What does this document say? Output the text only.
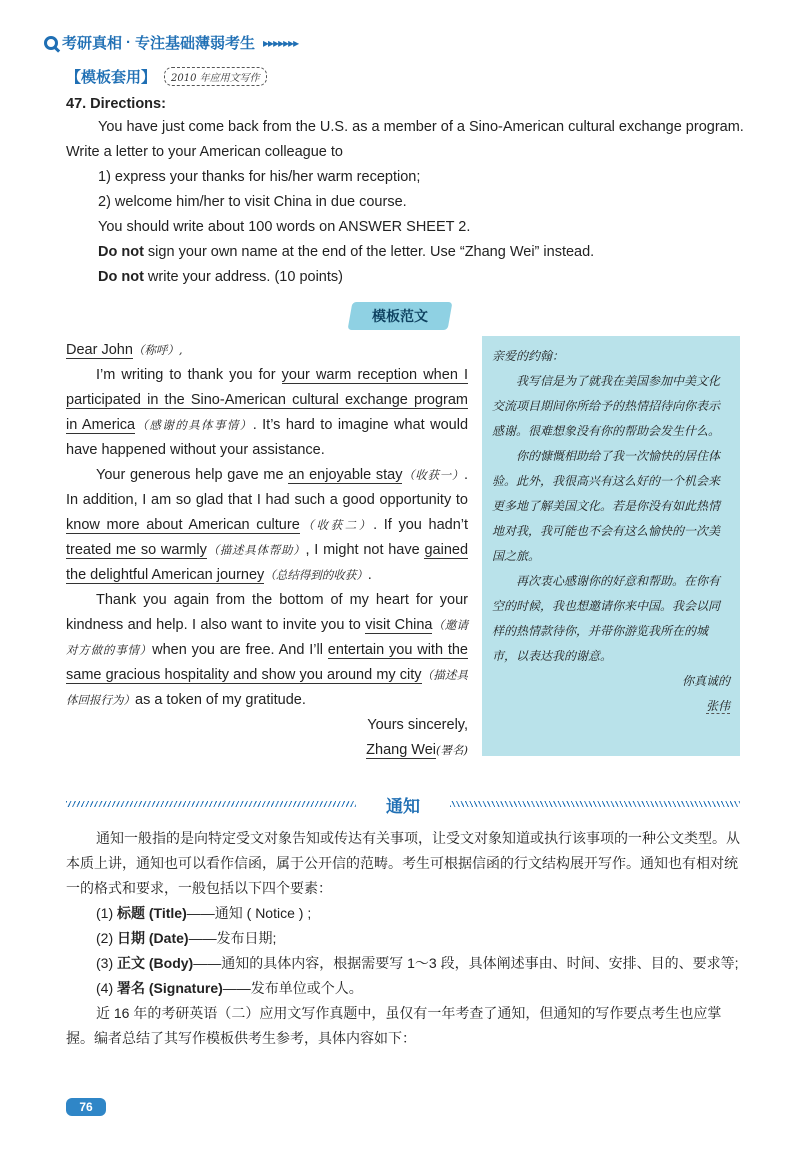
考研真相 · 专注基础薄弱考生 ▸▸▸▸▸▸▸
【模板套用】	2010 年应用文写作
47. Directions:
You have just come back from the U.S. as a member of a Sino-American cultural exchange program. Write a letter to your American colleague to
1) express your thanks for his/her warm reception;
2) welcome him/her to visit China in due course.
You should write about 100 words on ANSWER SHEET 2.
Do not sign your own name at the end of the letter. Use “Zhang Wei” instead.
Do not write your address. (10 points)
模板范文

Dear John（称呼）,

I’m writing to thank you for your warm reception when I participated in the Sino-American cultural exchange program in America（感谢的具体事情）. It’s hard to imagine what would have happened without your assistance.

Your generous help gave me an enjoyable stay（收获一）. In addition, I am so glad that I had such a good opportunity to know more about American culture（收获二）. If you hadn’t treated me so warmly（描述具体帮助）, I might not have gained the delightful American journey（总结得到的收获）.

Thank you again from the bottom of my heart for your kindness and help. I also want to invite you to visit China（邀请对方做的事情）when you are free. And I’ll entertain you with the same gracious hospitality and show you around my city（描述具体回报行为）as a token of my gratitude.

Yours sincerely,

Zhang Wei(署名)

亲爱的约翰：

我写信是为了就我在美国参加中美文化交流项目期间你所给予的热情招待向你表示感谢。很难想象没有你的帮助会发生什么。

你的慷慨相助给了我一次愉快的居住体验。此外，我很高兴有这么好的一个机会来更多地了解美国文化。若是你没有如此热情地对我，我可能也不会有这么愉快的一次美国之旅。

再次衷心感谢你的好意和帮助。在你有空的时候，我也想邀请你来中国。我会以同样的热情款待你，并带你游览我所在的城市，以表达我的谢意。

你真诚的

张伟

通知

通知一般指的是向特定受文对象告知或传达有关事项，让受文对象知道或执行该事项的一种公文类型。从本质上讲，通知也可以看作信函，属于公开信的范畴。考生可根据信函的行文结构展开写作。通知也有相对统一的格式和要求，一般包括以下四个要素：

(1) 标题 (Title)——通知 ( Notice ) ;

(2) 日期 (Date)——发布日期;

(3) 正文 (Body)——通知的具体内容，根据需要写 1～3 段，具体阐述事由、时间、安排、目的、要求等;

(4) 署名 (Signature)——发布单位或个人。

近 16 年的考研英语（二）应用文写作真题中，虽仅有一年考查了通知，但通知的写作要点考生也应掌握。编者总结了其写作模板供考生参考，具体内容如下：

76
